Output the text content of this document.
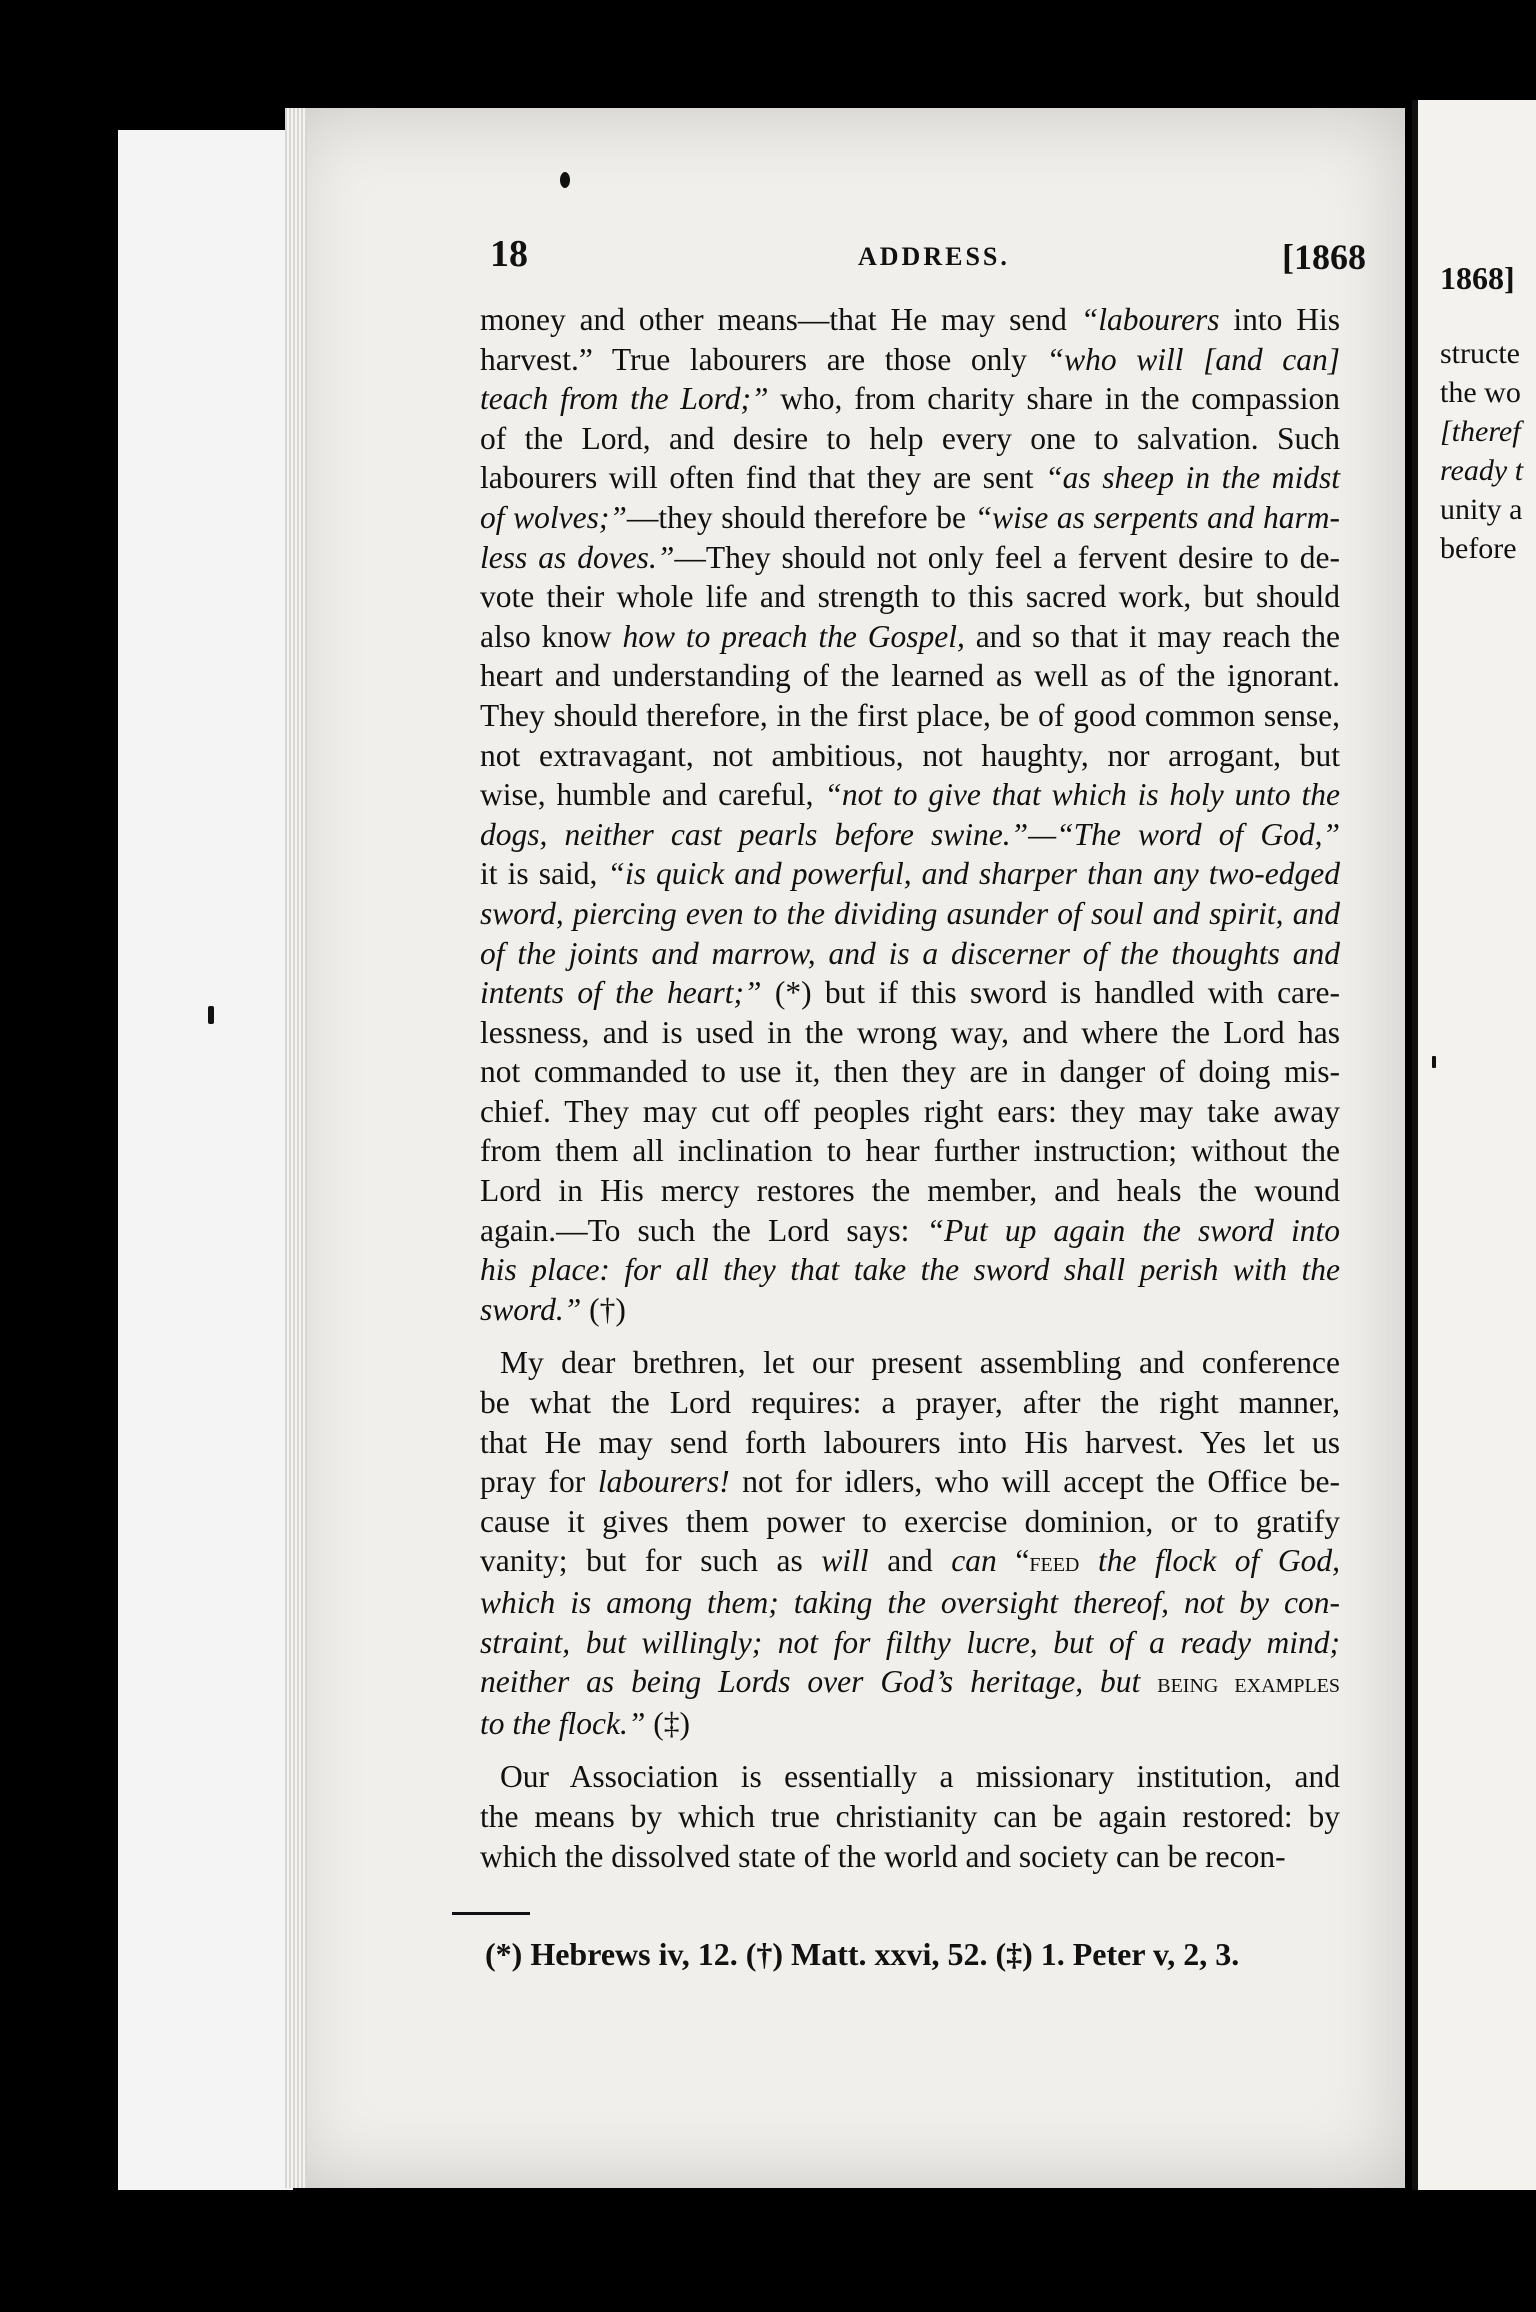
18	ADDRESS.	[1868
1868]
structe
the wo
[theref
ready t
unity a
before
money and other means—that He may send “labourers into His
harvest.” True labourers are those only “who will [and can]
teach from the Lord;” who, from charity share in the compassion
of the Lord, and desire to help every one to salvation. Such
labourers will often find that they are sent “as sheep in the midst
of wolves;”—they should therefore be “wise as serpents and harm-
less as doves.”—They should not only feel a fervent desire to de-
vote their whole life and strength to this sacred work, but should
also know how to preach the Gospel, and so that it may reach the
heart and understanding of the learned as well as of the ignorant.
They should therefore, in the first place, be of good common sense,
not extravagant, not ambitious, not haughty, nor arrogant, but
wise, humble and careful, “not to give that which is holy unto the
dogs, neither cast pearls before swine.”—“The word of God,”
it is said, “is quick and powerful, and sharper than any two-edged
sword, piercing even to the dividing asunder of soul and spirit, and
of the joints and marrow, and is a discerner of the thoughts and
intents of the heart;” (*) but if this sword is handled with care-
lessness, and is used in the wrong way, and where the Lord has
not commanded to use it, then they are in danger of doing mis-
chief. They may cut off peoples right ears: they may take away
from them all inclination to hear further instruction; without the
Lord in His mercy restores the member, and heals the wound
again.—To such the Lord says: “Put up again the sword into
his place: for all they that take the sword shall perish with the
sword.” (†)
My dear brethren, let our present assembling and conference
be what the Lord requires: a prayer, after the right manner,
that He may send forth labourers into His harvest. Yes let us
pray for labourers! not for idlers, who will accept the Office be-
cause it gives them power to exercise dominion, or to gratify
vanity; but for such as will and can “feed the flock of God,
which is among them; taking the oversight thereof, not by con-
straint, but willingly; not for filthy lucre, but of a ready mind;
neither as being Lords over God’s heritage, but being examples
to the flock.” (‡)
Our Association is essentially a missionary institution, and
the means by which true christianity can be again restored: by
which the dissolved state of the world and society can be recon-
(*) Hebrews iv, 12. (†) Matt. xxvi, 52. (‡) 1. Peter v, 2, 3.
